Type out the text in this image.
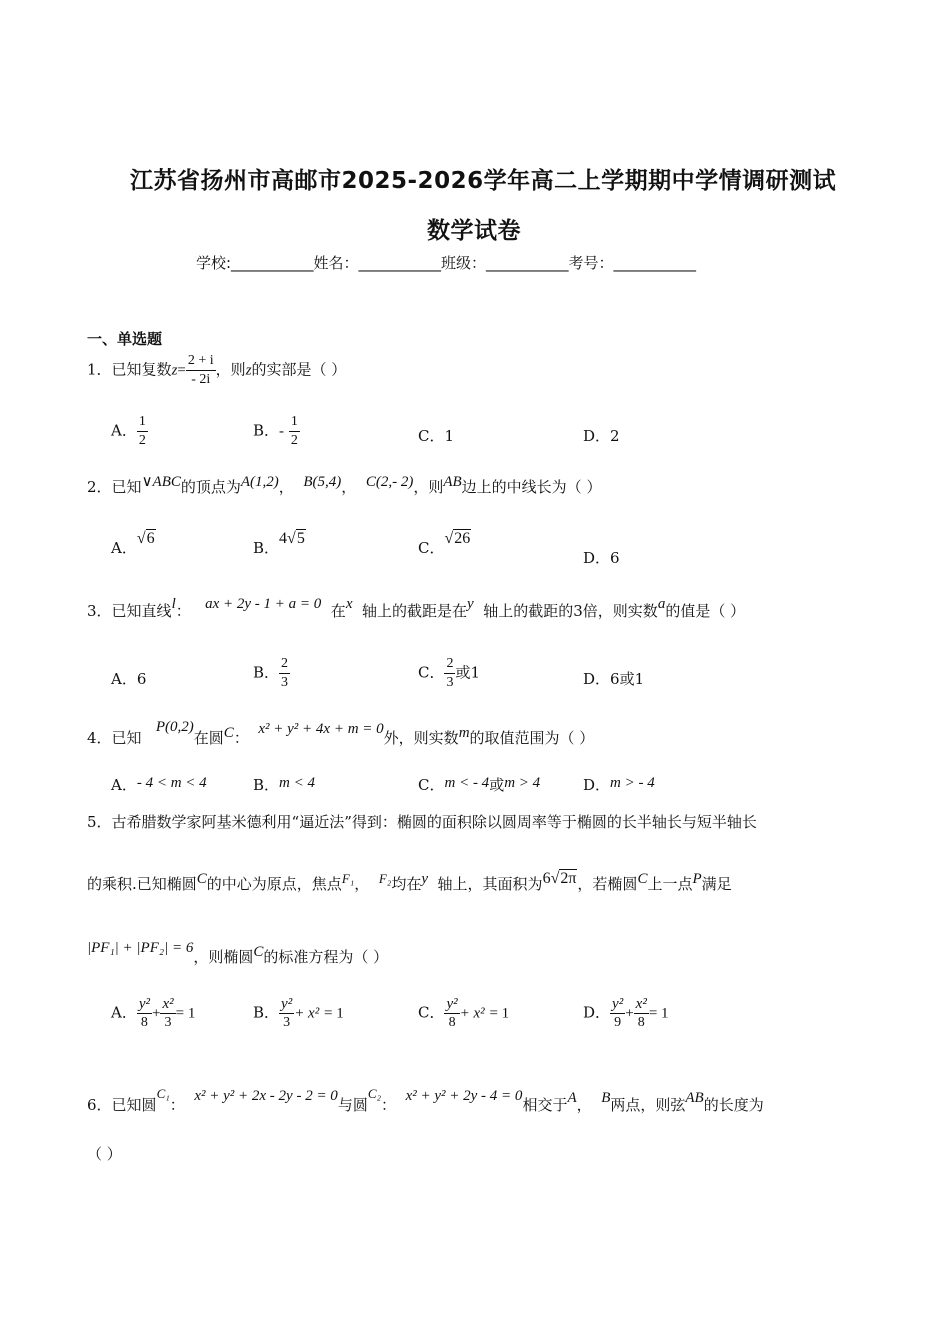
江苏省扬州市高邮市2025-2026学年高二上学期期中学情调研测试
数学试卷
学校:___________姓名：___________班级：___________考号：___________
一、单选题
1．已知复数$z= \frac{2 + i}{- 2i}$ ，则z的实部是（ ）
A． $\frac{1}{2}$	B．- $\frac{1}{2}$	C．1	D．2
2．已知∨ABC的顶点为A(1,2)， B(5,4)， C(2,- 2)，则AB边上的中线长为（ ）
A．√6
B．4√5
C．√26
D．6
3．已知直线l： ax + 2y - 1 + a = 0 在x 轴上的截距是在y 轴上的截距的3倍，则实数a的值是（ ）
A．6	B． $\frac{2}{3}$	C． $\frac{2}{3}$ 或1	D．6或1
4．已知   P(0,2)在圆C： x² + y² + 4x + m = 0外，则实数m的取值范围为（ ）
A．- 4 < m < 4	B．m < 4	C．m < - 4或m > 4	D．m > - 4
5．古希腊数学家阿基米德利用“逼近法”得到：椭圆的面积除以圆周率等于椭圆的长半轴长与短半轴长
的乘积.已知椭圆C的中心为原点，焦点F₁， F₂均在y 轴上，其面积为6√2π，若椭圆C上一点P满足
|PF₁| + |PF₂| = 6，则椭圆C的标准方程为（ ）
A． $\frac{\text{y²}}{8} + \frac{\text{x²}}{3} = 1$	B． $\frac{\text{y²}}{3} + x^2 = 1$	C． $\frac{\text{y²}}{8} + x^2 = 1$	D． $\frac{\text{y²}}{9} + \frac{\text{x²}}{8} = 1$
6．已知圆C₁： x² + y² + 2x - 2y - 2 = 0与圆C₂： x² + y² + 2y - 4 = 0相交于A， B两点，则弦AB的长度为
（ ）
